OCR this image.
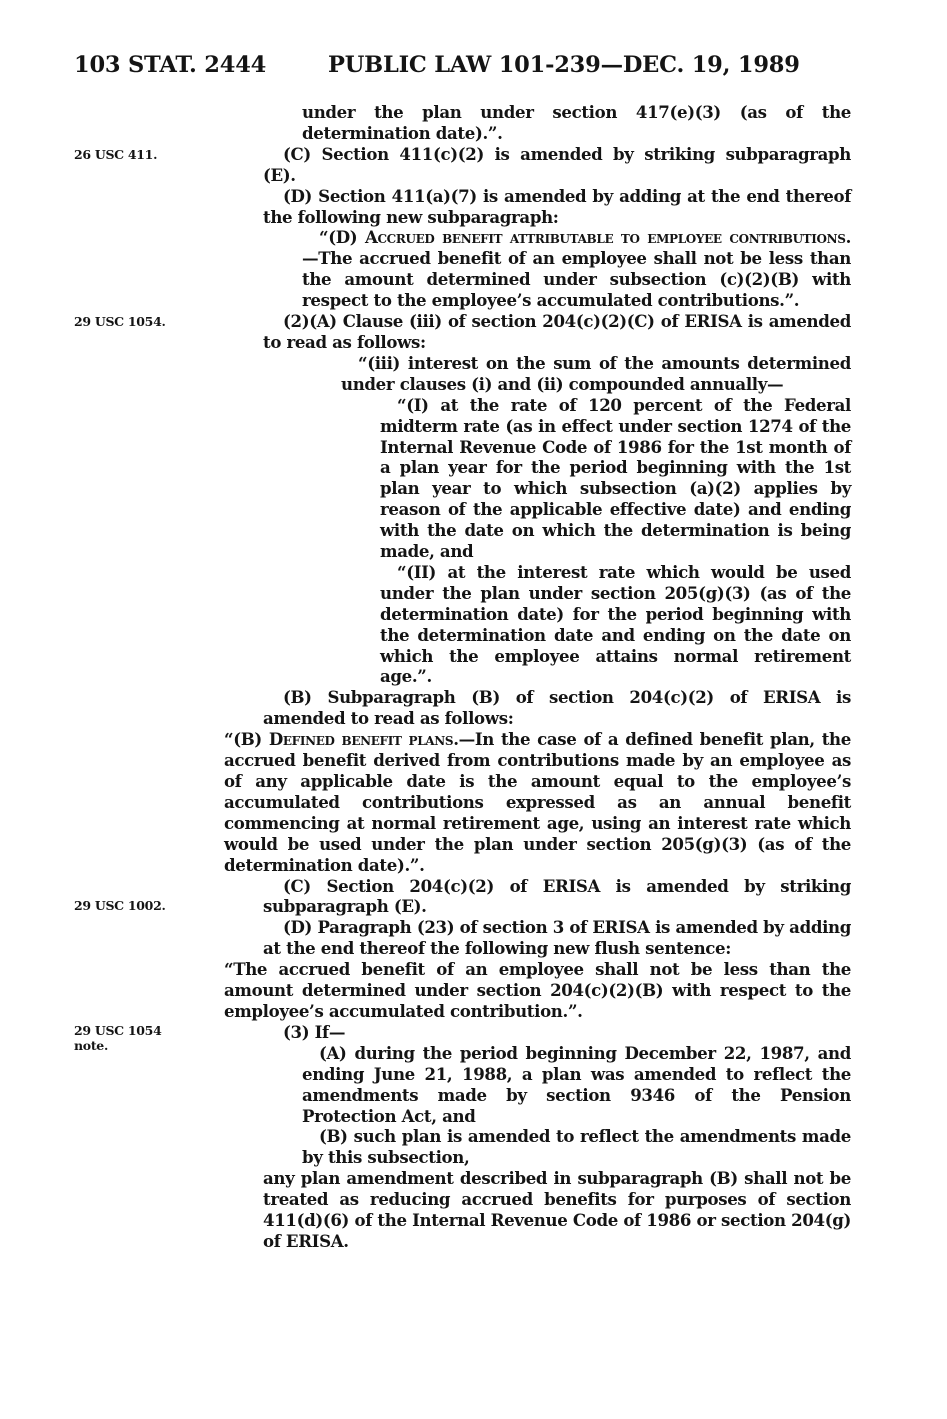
103 STAT. 2444	PUBLIC LAW 101-239—DEC. 19, 1989
26 USC 411.
29 USC 1054.
29 USC 1002.
29 USC 1054
note.
under the plan under section 417(e)(3) (as of the determination date).”.
(C) Section 411(c)(2) is amended by striking subparagraph (E).
(D) Section 411(a)(7) is amended by adding at the end thereof the following new subparagraph:
“(D) Accrued benefit attributable to employee contributions.—The accrued benefit of an employee shall not be less than the amount determined under subsection (c)(2)(B) with respect to the employee’s accumulated contributions.”.
(2)(A) Clause (iii) of section 204(c)(2)(C) of ERISA is amended to read as follows:
“(iii) interest on the sum of the amounts determined under clauses (i) and (ii) compounded annually—
“(I) at the rate of 120 percent of the Federal midterm rate (as in effect under section 1274 of the Internal Revenue Code of 1986 for the 1st month of a plan year for the period beginning with the 1st plan year to which subsection (a)(2) applies by reason of the applicable effective date) and ending with the date on which the determination is being made, and
“(II) at the interest rate which would be used under the plan under section 205(g)(3) (as of the determination date) for the period beginning with the determination date and ending on the date on which the employee attains normal retirement age.”.
(B) Subparagraph (B) of section 204(c)(2) of ERISA is amended to read as follows:
“(B) Defined benefit plans.—In the case of a defined benefit plan, the accrued benefit derived from contributions made by an employee as of any applicable date is the amount equal to the employee’s accumulated contributions expressed as an annual benefit commencing at normal retirement age, using an interest rate which would be used under the plan under section 205(g)(3) (as of the determination date).”.
(C) Section 204(c)(2) of ERISA is amended by striking subparagraph (E).
(D) Paragraph (23) of section 3 of ERISA is amended by adding at the end thereof the following new flush sentence:
“The accrued benefit of an employee shall not be less than the amount determined under section 204(c)(2)(B) with respect to the employee’s accumulated contribution.”.
(3) If—
(A) during the period beginning December 22, 1987, and ending June 21, 1988, a plan was amended to reflect the amendments made by section 9346 of the Pension Protection Act, and
(B) such plan is amended to reflect the amendments made by this subsection,
any plan amendment described in subparagraph (B) shall not be treated as reducing accrued benefits for purposes of section 411(d)(6) of the Internal Revenue Code of 1986 or section 204(g) of ERISA.
